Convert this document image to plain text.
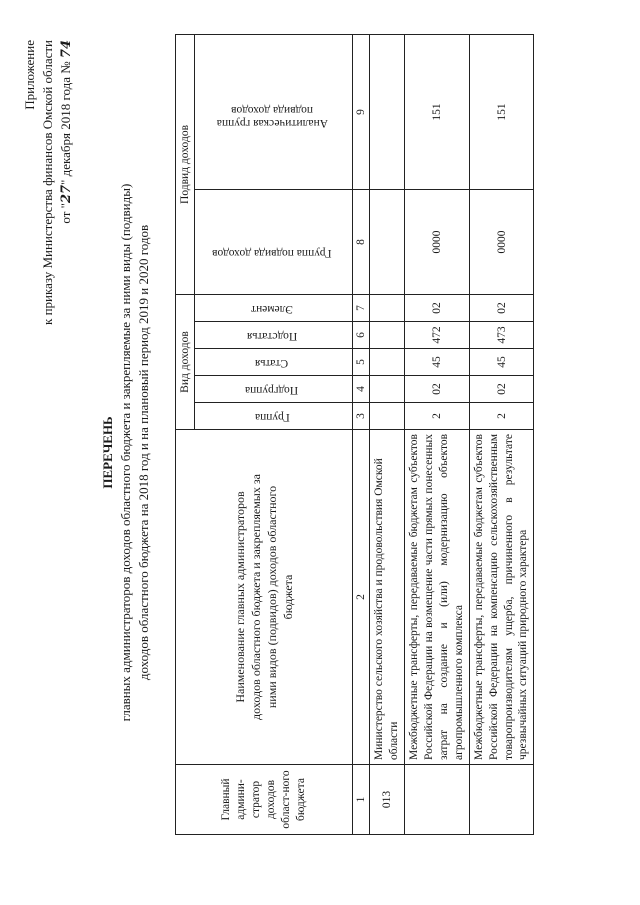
Приложение к приказу Министерства финансов Омской области от "27" декабря 2018 года № 74
ПЕРЕЧЕНЬ главных администраторов доходов областного бюджета и закрепляемые за ними виды (подвиды) доходов областного бюджета на 2018 год и на плановый период 2019 и 2020 годов
Главный админи-стратор доходов област-ного бюджета	Наименование главных администраторов доходов областного бюджета и закрепляемых за ними видов (подвидов) доходов областного бюджета	Вид доходов					Подвид доходов	
		Группа	Подгруппа	Статья	Подстатья	Элемент	Группа подвида доходов	Аналитическая группа подвида доходов
1	2	3	4	5	6	7	8	9
013	Министерство сельского хозяйства и продовольствия Омской области							
	Межбюджетные трансферты, передаваемые бюджетам субъектов Российской Федерации на возмещение части прямых понесенных затрат на создание и (или) модернизацию объектов агропромышленного комплекса	2	02	45	472	02	0000	151
	Межбюджетные трансферты, передаваемые бюджетам субъектов Российской Федерации на компенсацию сельскохозяйственным товаропроизводителям ущерба, причиненного в результате чрезвычайных ситуаций природного характера	2	02	45	473	02	0000	151
